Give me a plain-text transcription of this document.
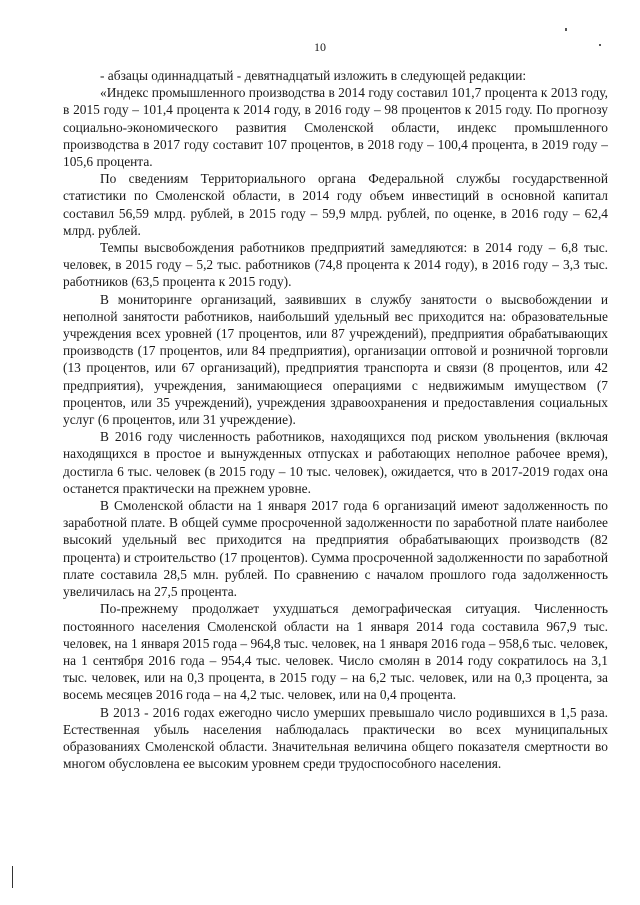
10

- абзацы одиннадцатый - девятнадцатый изложить в следующей редакции:

«Индекс промышленного производства в 2014 году составил 101,7 процента к 2013 году, в 2015 году – 101,4 процента к 2014 году, в 2016 году – 98 процентов к 2015 году. По прогнозу социально-экономического развития Смоленской области, индекс промышленного производства в 2017 году составит 107 процентов, в 2018 году – 100,4 процента, в 2019 году – 105,6 процента.

По сведениям Территориального органа Федеральной службы государственной статистики по Смоленской области, в 2014 году объем инвестиций в основной капитал составил 56,59 млрд. рублей, в 2015 году – 59,9 млрд. рублей, по оценке, в 2016 году – 62,4 млрд. рублей.

Темпы высвобождения работников предприятий замедляются: в 2014 году – 6,8 тыс. человек, в 2015 году – 5,2 тыс. работников (74,8 процента к 2014 году), в 2016 году – 3,3 тыс. работников (63,5 процента к 2015 году).

В мониторинге организаций, заявивших в службу занятости о высвобождении и неполной занятости работников, наибольший удельный вес приходится на: образовательные учреждения всех уровней (17 процентов, или 87 учреждений), предприятия обрабатывающих производств (17 процентов, или 84 предприятия), организации оптовой и розничной торговли (13 процентов, или 67 организаций), предприятия транспорта и связи (8 процентов, или 42 предприятия), учреждения, занимающиеся операциями с недвижимым имуществом (7 процентов, или 35 учреждений), учреждения здравоохранения и предоставления социальных услуг (6 процентов, или 31 учреждение).

В 2016 году численность работников, находящихся под риском увольнения (включая находящихся в простое и вынужденных отпусках и работающих неполное рабочее время), достигла 6 тыс. человек (в 2015 году – 10 тыс. человек), ожидается, что в 2017-2019 годах она останется практически на прежнем уровне.

В Смоленской области на 1 января 2017 года 6 организаций имеют задолженность по заработной плате. В общей сумме просроченной задолженности по заработной плате наиболее высокий удельный вес приходится на предприятия обрабатывающих производств (82 процента) и строительство (17 процентов). Сумма просроченной задолженности по заработной плате составила 28,5 млн. рублей. По сравнению с началом прошлого года задолженность увеличилась на 27,5 процента.

По-прежнему продолжает ухудшаться демографическая ситуация. Численность постоянного населения Смоленской области на 1 января 2014 года составила 967,9 тыс. человек, на 1 января 2015 года – 964,8 тыс. человек, на 1 января 2016 года – 958,6 тыс. человек, на 1 сентября 2016 года – 954,4 тыс. человек. Число смолян в 2014 году сократилось на 3,1 тыс. человек, или на 0,3 процента, в 2015 году – на 6,2 тыс. человек, или на 0,3 процента, за восемь месяцев 2016 года – на 4,2 тыс. человек, или на 0,4 процента.

В 2013 - 2016 годах ежегодно число умерших превышало число родившихся в 1,5 раза. Естественная убыль населения наблюдалась практически во всех муниципальных образованиях Смоленской области. Значительная величина общего показателя смертности во многом обусловлена ее высоким уровнем среди трудоспособного населения.
